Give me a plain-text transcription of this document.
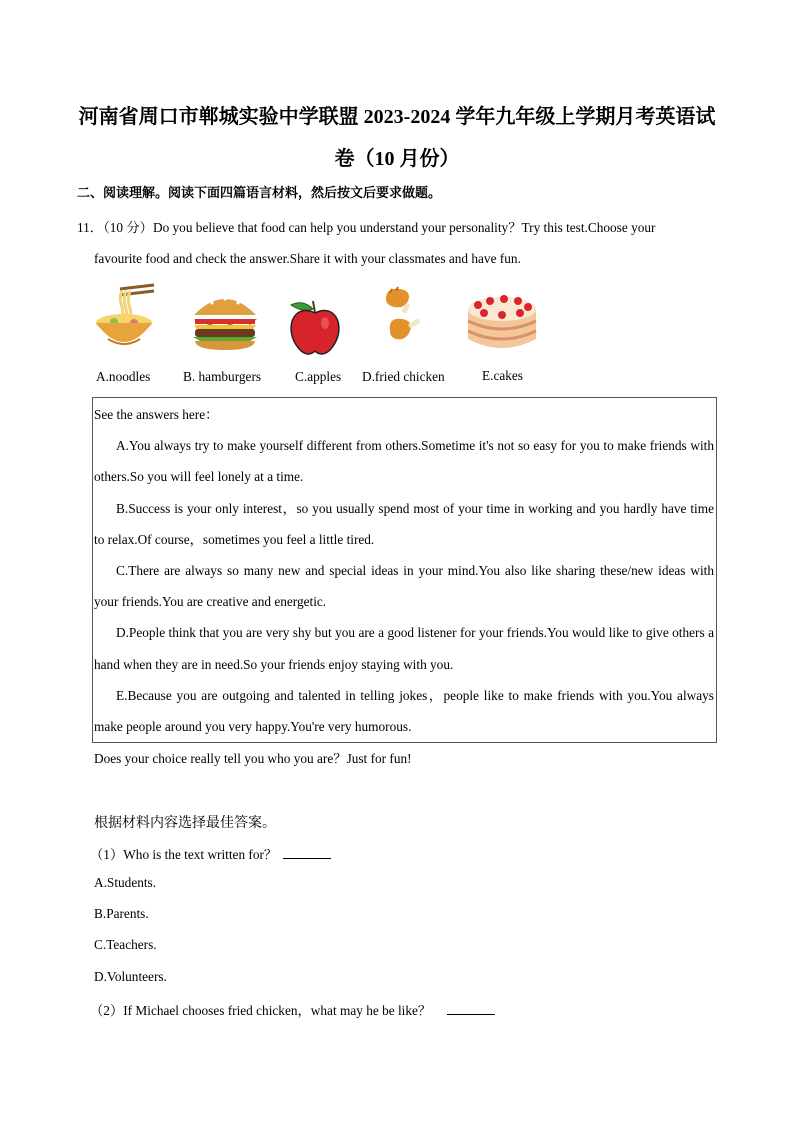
河南省周口市郸城实验中学联盟 2023-2024 学年九年级上学期月考英语试卷（10 月份）
二、阅读理解。阅读下面四篇语言材料，然后按文后要求做题。
11．（10 分）Do you believe that food can help you understand your personality？Try this test.Choose your
favourite food and check the answer.Share it with your classmates and have fun.
A.noodles B. hamburgers	C.apples D.fried chicken	E.cakes

See the answers here：

A.You always try to make yourself different from others.Sometime it's not so easy for you to make friends with others.So you will feel lonely at a time.

B.Success is your only interest，so you usually spend most of your time in working and you hardly have time to relax.Of course，sometimes you feel a little tired.

C.There are always so many new and special ideas in your mind.You also like sharing these/new ideas with your friends.You are creative and energetic.

D.People think that you are very shy but you are a good listener for your friends.You would like to give others a hand when they are in need.So your friends enjoy staying with you.

E.Because you are outgoing and talented in telling jokes，people like to make friends with you.You always make people around you very happy.You're very humorous.

Does your choice really tell you who you are？Just for fun!
根据材料内容选择最佳答案。
（1）Who is the text written for？
A.Students.
B.Parents.
C.Teachers.
D.Volunteers.
（2）If Michael chooses fried chicken，what may he be like？
